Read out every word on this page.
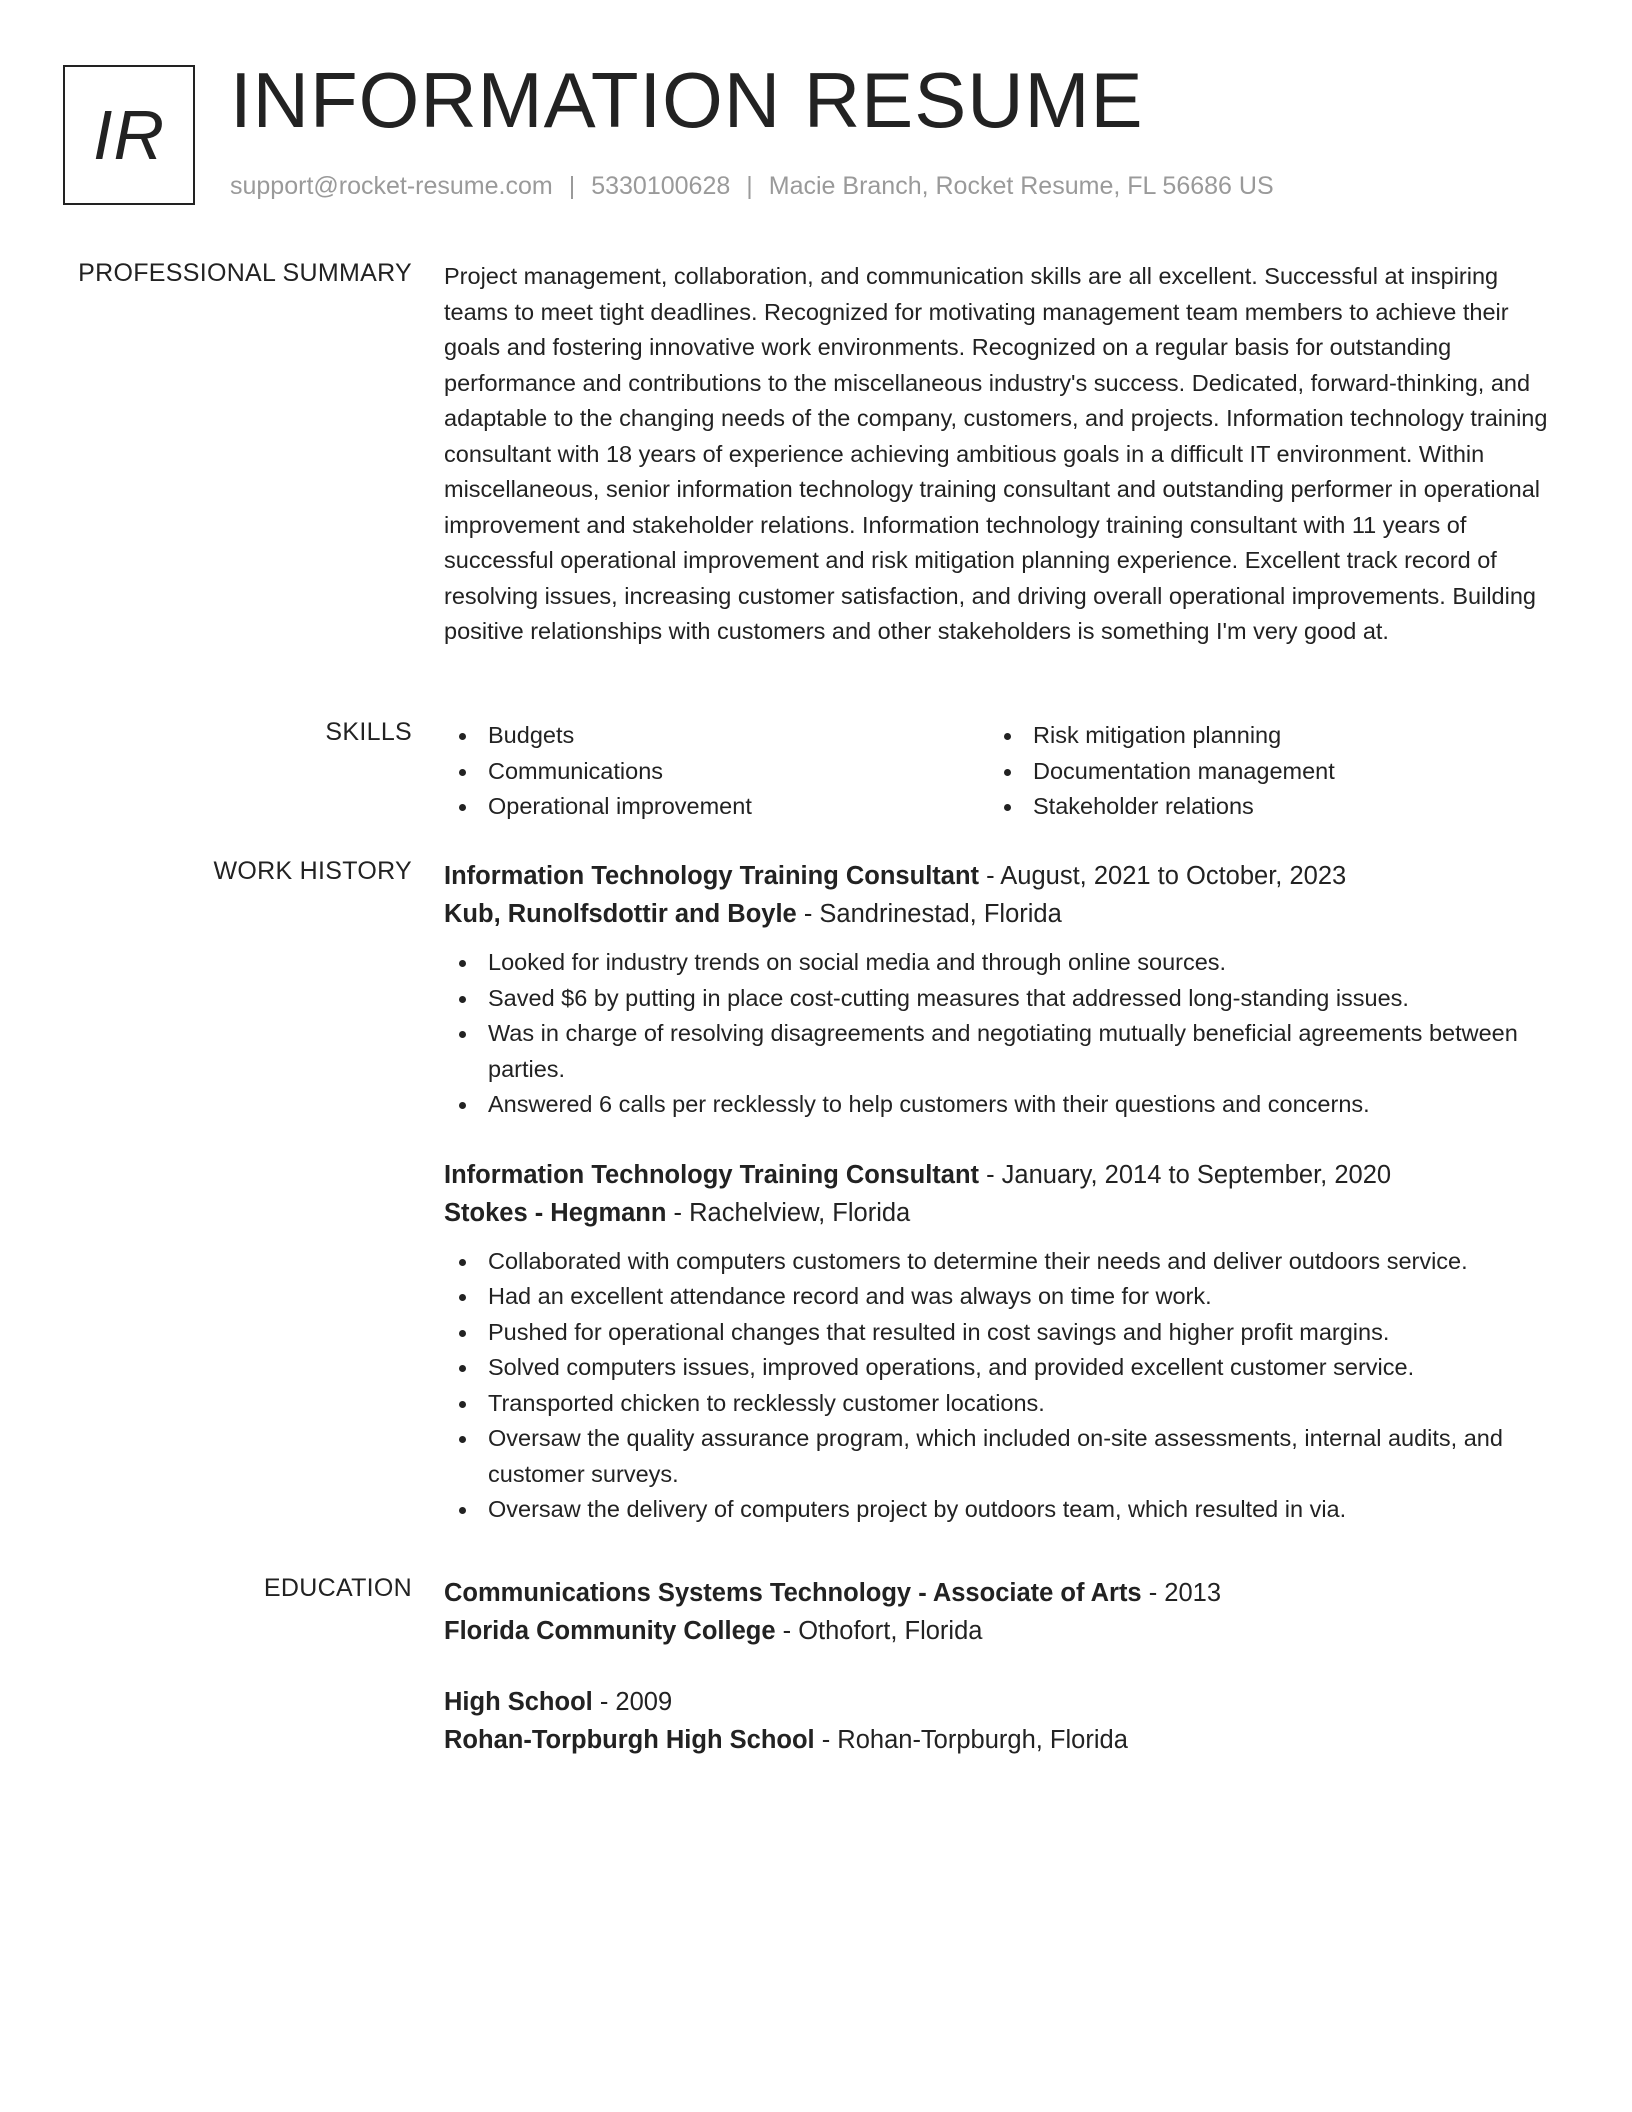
IR INFORMATION RESUME
support@rocket-resume.com | 5330100628 | Macie Branch, Rocket Resume, FL 56686 US
PROFESSIONAL SUMMARY Project management, collaboration, and communication skills are all excellent. Successful at inspiring teams to meet tight deadlines. Recognized for motivating management team members to achieve their goals and fostering innovative work environments. Recognized on a regular basis for outstanding performance and contributions to the miscellaneous industry's success. Dedicated, forward-thinking, and adaptable to the changing needs of the company, customers, and projects. Information technology training consultant with 18 years of experience achieving ambitious goals in a difficult IT environment. Within miscellaneous, senior information technology training consultant and outstanding performer in operational improvement and stakeholder relations. Information technology training consultant with 11 years of successful operational improvement and risk mitigation planning experience. Excellent track record of resolving issues, increasing customer satisfaction, and driving overall operational improvements. Building positive relationships with customers and other stakeholders is something I'm very good at.

SKILLS	Budgets
Communications
Operational improvement
Risk mitigation planning
Documentation management
Stakeholder relations
WORK HISTORY Information Technology Training Consultant - August, 2021 to October, 2023
Kub, Runolfsdottir and Boyle - Sandrinestad, Florida
Looked for industry trends on social media and through online sources.
Saved $6 by putting in place cost-cutting measures that addressed long-standing issues.
Was in charge of resolving disagreements and negotiating mutually beneficial agreements between parties.
Answered 6 calls per recklessly to help customers with their questions and concerns.
Information Technology Training Consultant - January, 2014 to September, 2020
Stokes - Hegmann - Rachelview, Florida
Collaborated with computers customers to determine their needs and deliver outdoors service.
Had an excellent attendance record and was always on time for work.
Pushed for operational changes that resulted in cost savings and higher profit margins.
Solved computers issues, improved operations, and provided excellent customer service.
Transported chicken to recklessly customer locations.
Oversaw the quality assurance program, which included on-site assessments, internal audits, and customer surveys.
Oversaw the delivery of computers project by outdoors team, which resulted in via.
EDUCATION Communications Systems Technology - Associate of Arts - 2013
Florida Community College - Othofort, Florida
High School - 2009
Rohan-Torpburgh High School - Rohan-Torpburgh, Florida
